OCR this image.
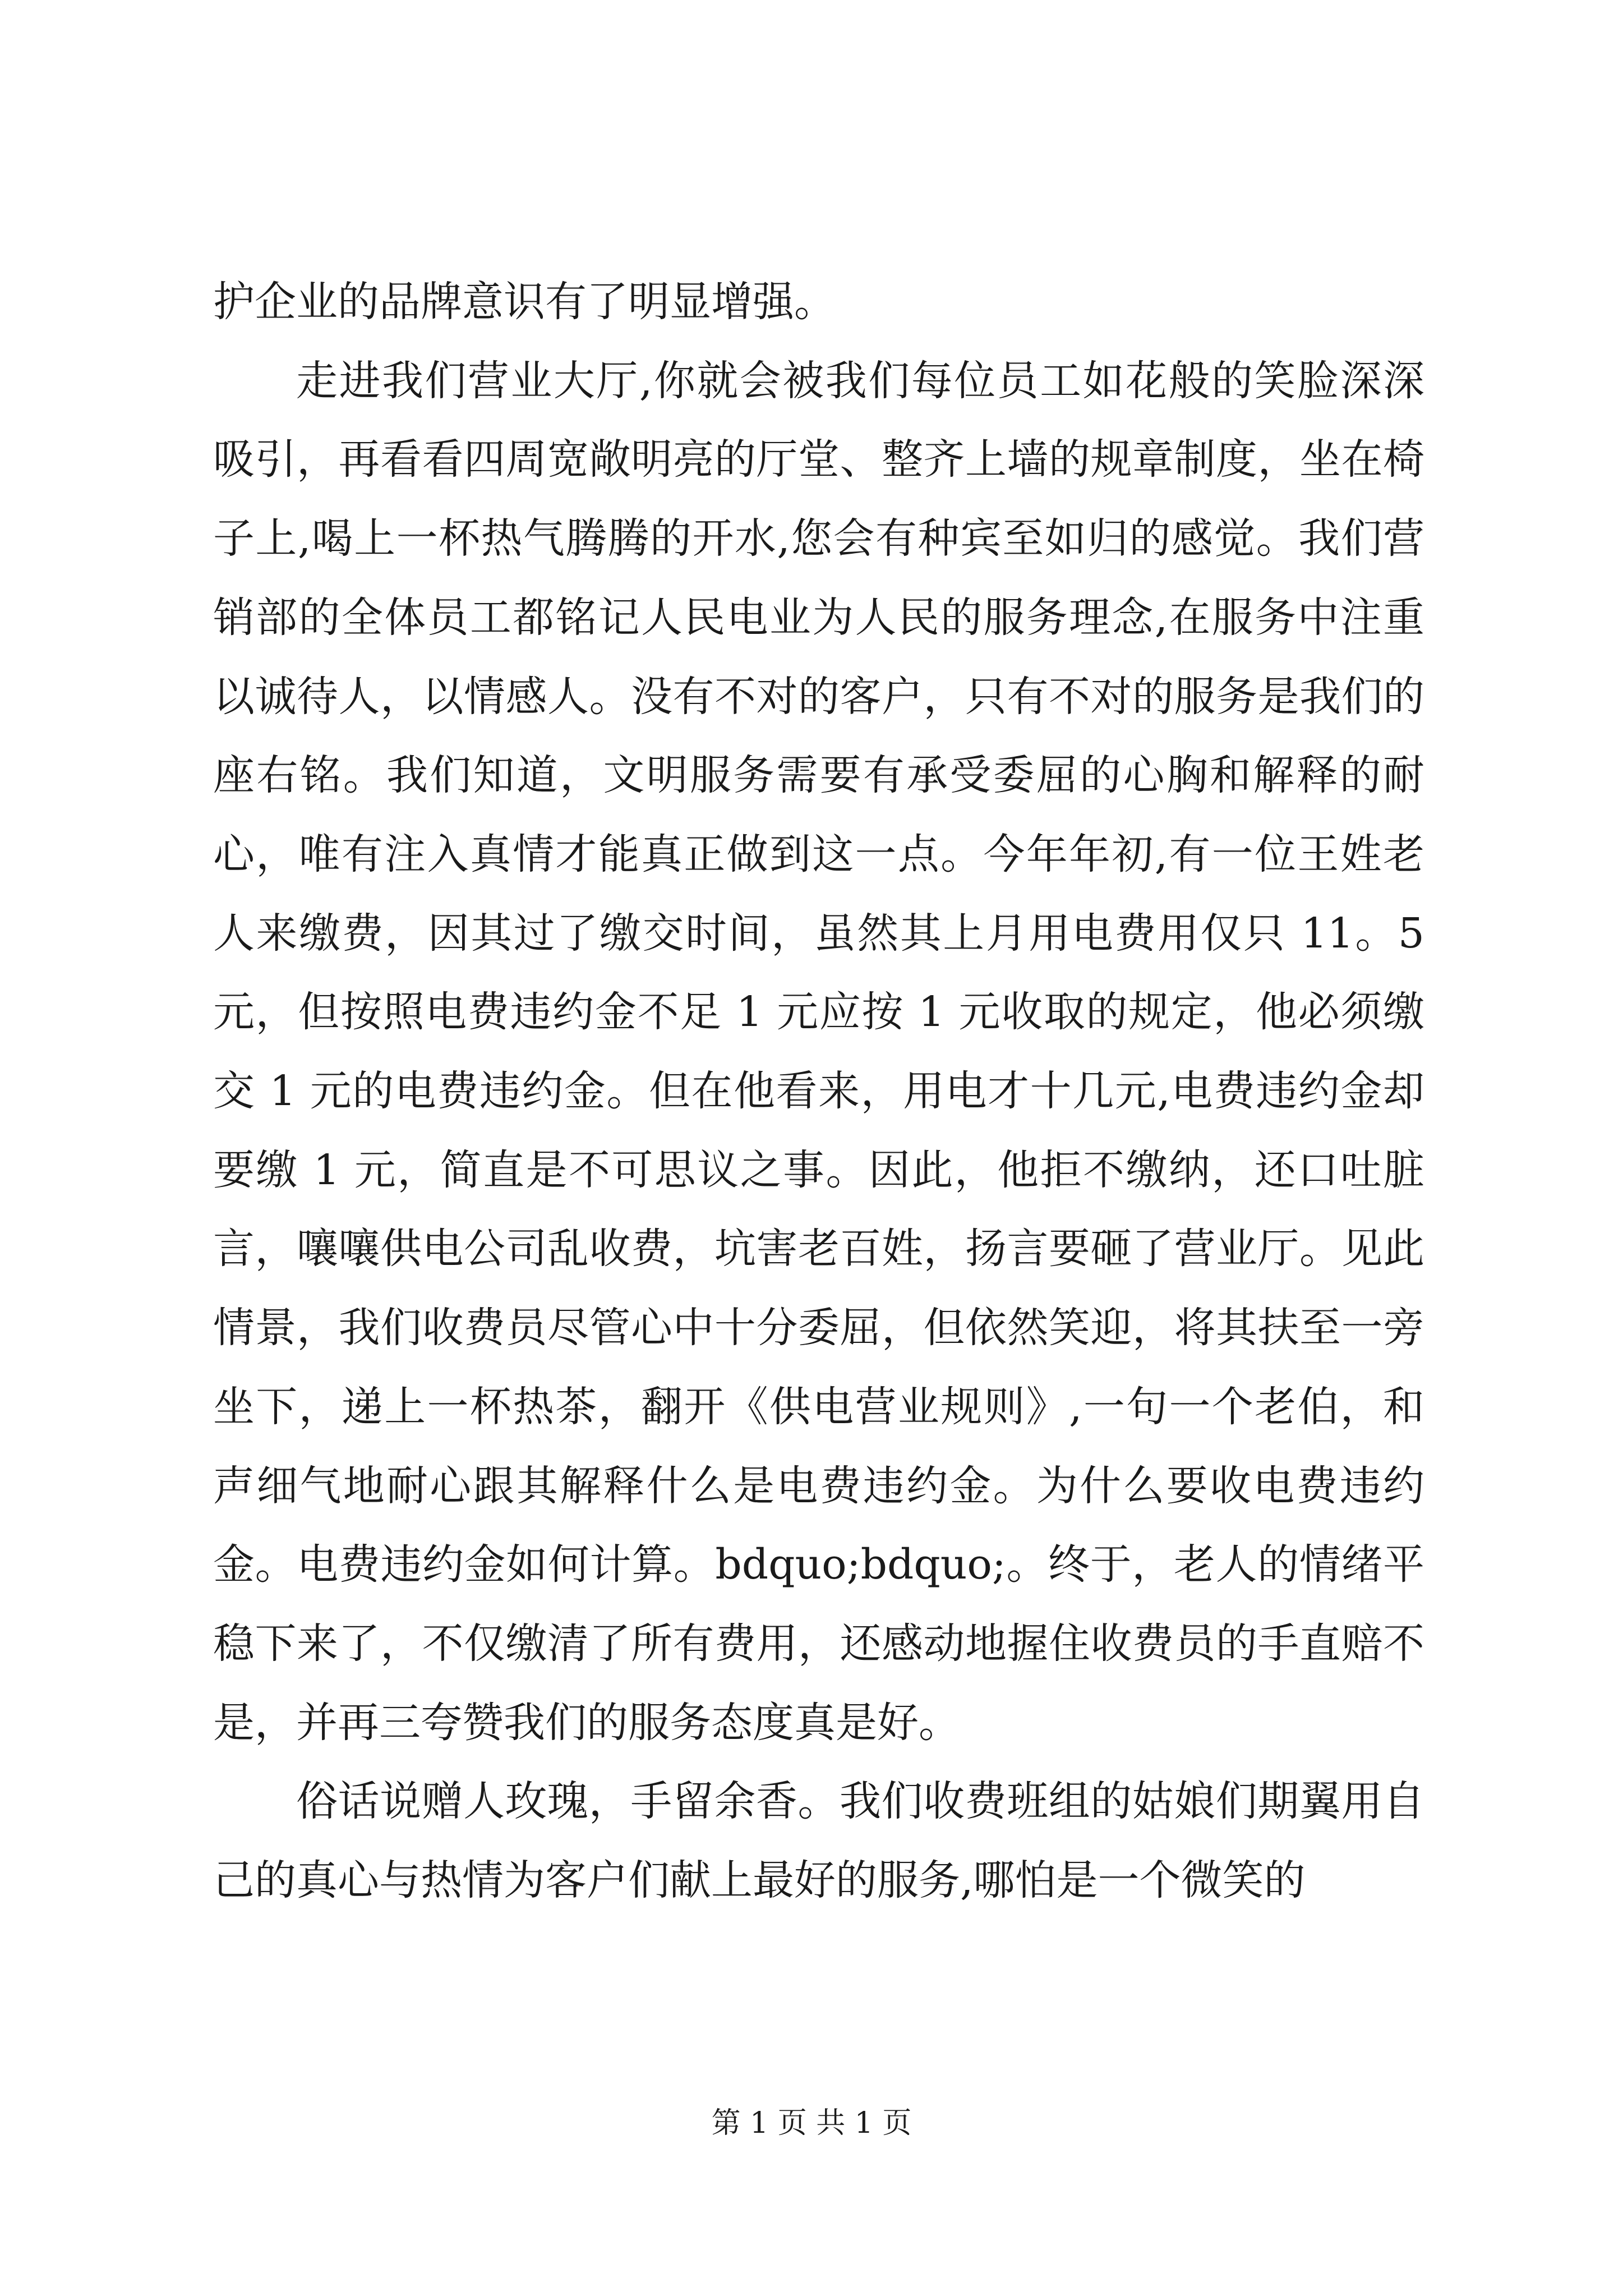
护企业的品牌意识有了明显增强。

走进我们营业大厅,你就会被我们每位员工如花般的笑脸深深吸引，再看看四周宽敞明亮的厅堂、整齐上墙的规章制度，坐在椅子上,喝上一杯热气腾腾的开水,您会有种宾至如归的感觉。我们营销部的全体员工都铭记人民电业为人民的服务理念,在服务中注重以诚待人，以情感人。没有不对的客户，只有不对的服务是我们的座右铭。我们知道，文明服务需要有承受委屈的心胸和解释的耐心，唯有注入真情才能真正做到这一点。今年年初,有一位王姓老人来缴费，因其过了缴交时间，虽然其上月用电费用仅只 11。5 元，但按照电费违约金不足 1 元应按 1 元收取的规定，他必须缴交 1 元的电费违约金。但在他看来，用电才十几元,电费违约金却要缴 1 元，简直是不可思议之事。因此，他拒不缴纳，还口吐脏言，嚷嚷供电公司乱收费，坑害老百姓，扬言要砸了营业厅。见此情景，我们收费员尽管心中十分委屈，但依然笑迎，将其扶至一旁坐下，递上一杯热茶，翻开《供电营业规则》,一句一个老伯，和声细气地耐心跟其解释什么是电费违约金。为什么要收电费违约金。电费违约金如何计算。bdquo;bdquo;。终于，老人的情绪平稳下来了，不仅缴清了所有费用，还感动地握住收费员的手直赔不是，并再三夸赞我们的服务态度真是好。

俗话说赠人玫瑰，手留余香。我们收费班组的姑娘们期翼用自己的真心与热情为客户们献上最好的服务,哪怕是一个微笑的

第 1 页 共 1 页
